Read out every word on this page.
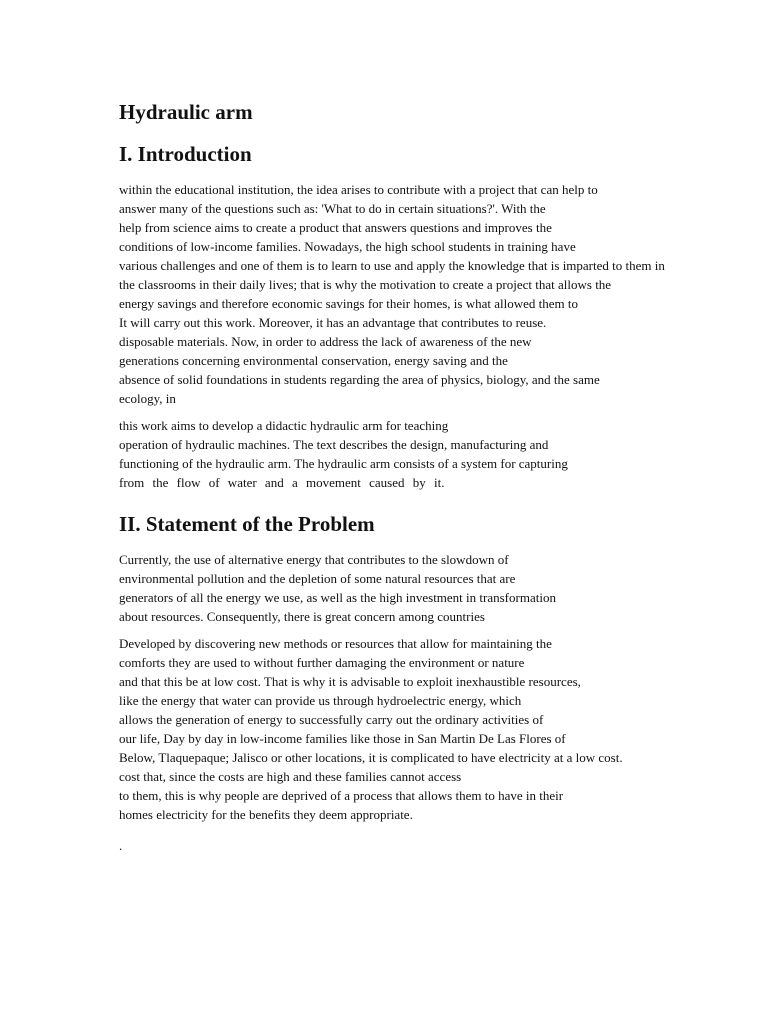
Hydraulic arm
I. Introduction

within the educational institution, the idea arises to contribute with a project that can help to
answer many of the questions such as: 'What to do in certain situations?'. With the
help from science aims to create a product that answers questions and improves the
conditions of low-income families. Nowadays, the high school students in training have
various challenges and one of them is to learn to use and apply the knowledge that is imparted to them in
the classrooms in their daily lives; that is why the motivation to create a project that allows the
energy savings and therefore economic savings for their homes, is what allowed them to
It will carry out this work. Moreover, it has an advantage that contributes to reuse.
disposable materials. Now, in order to address the lack of awareness of the new
generations concerning environmental conservation, energy saving and the
absence of solid foundations in students regarding the area of physics, biology, and the same
ecology, in

this work aims to develop a didactic hydraulic arm for teaching
operation of hydraulic machines. The text describes the design, manufacturing and
functioning of the hydraulic arm. The hydraulic arm consists of a system for capturing
from the flow of water and a movement caused by it.

II. Statement of the Problem

Currently, the use of alternative energy that contributes to the slowdown of
environmental pollution and the depletion of some natural resources that are
generators of all the energy we use, as well as the high investment in transformation
about resources. Consequently, there is great concern among countries

Developed by discovering new methods or resources that allow for maintaining the
comforts they are used to without further damaging the environment or nature
and that this be at low cost. That is why it is advisable to exploit inexhaustible resources,
like the energy that water can provide us through hydroelectric energy, which
allows the generation of energy to successfully carry out the ordinary activities of
our life, Day by day in low-income families like those in San Martin De Las Flores of
Below, Tlaquepaque; Jalisco or other locations, it is complicated to have electricity at a low cost.
cost that, since the costs are high and these families cannot access
to them, this is why people are deprived of a process that allows them to have in their
homes electricity for the benefits they deem appropriate.

.
